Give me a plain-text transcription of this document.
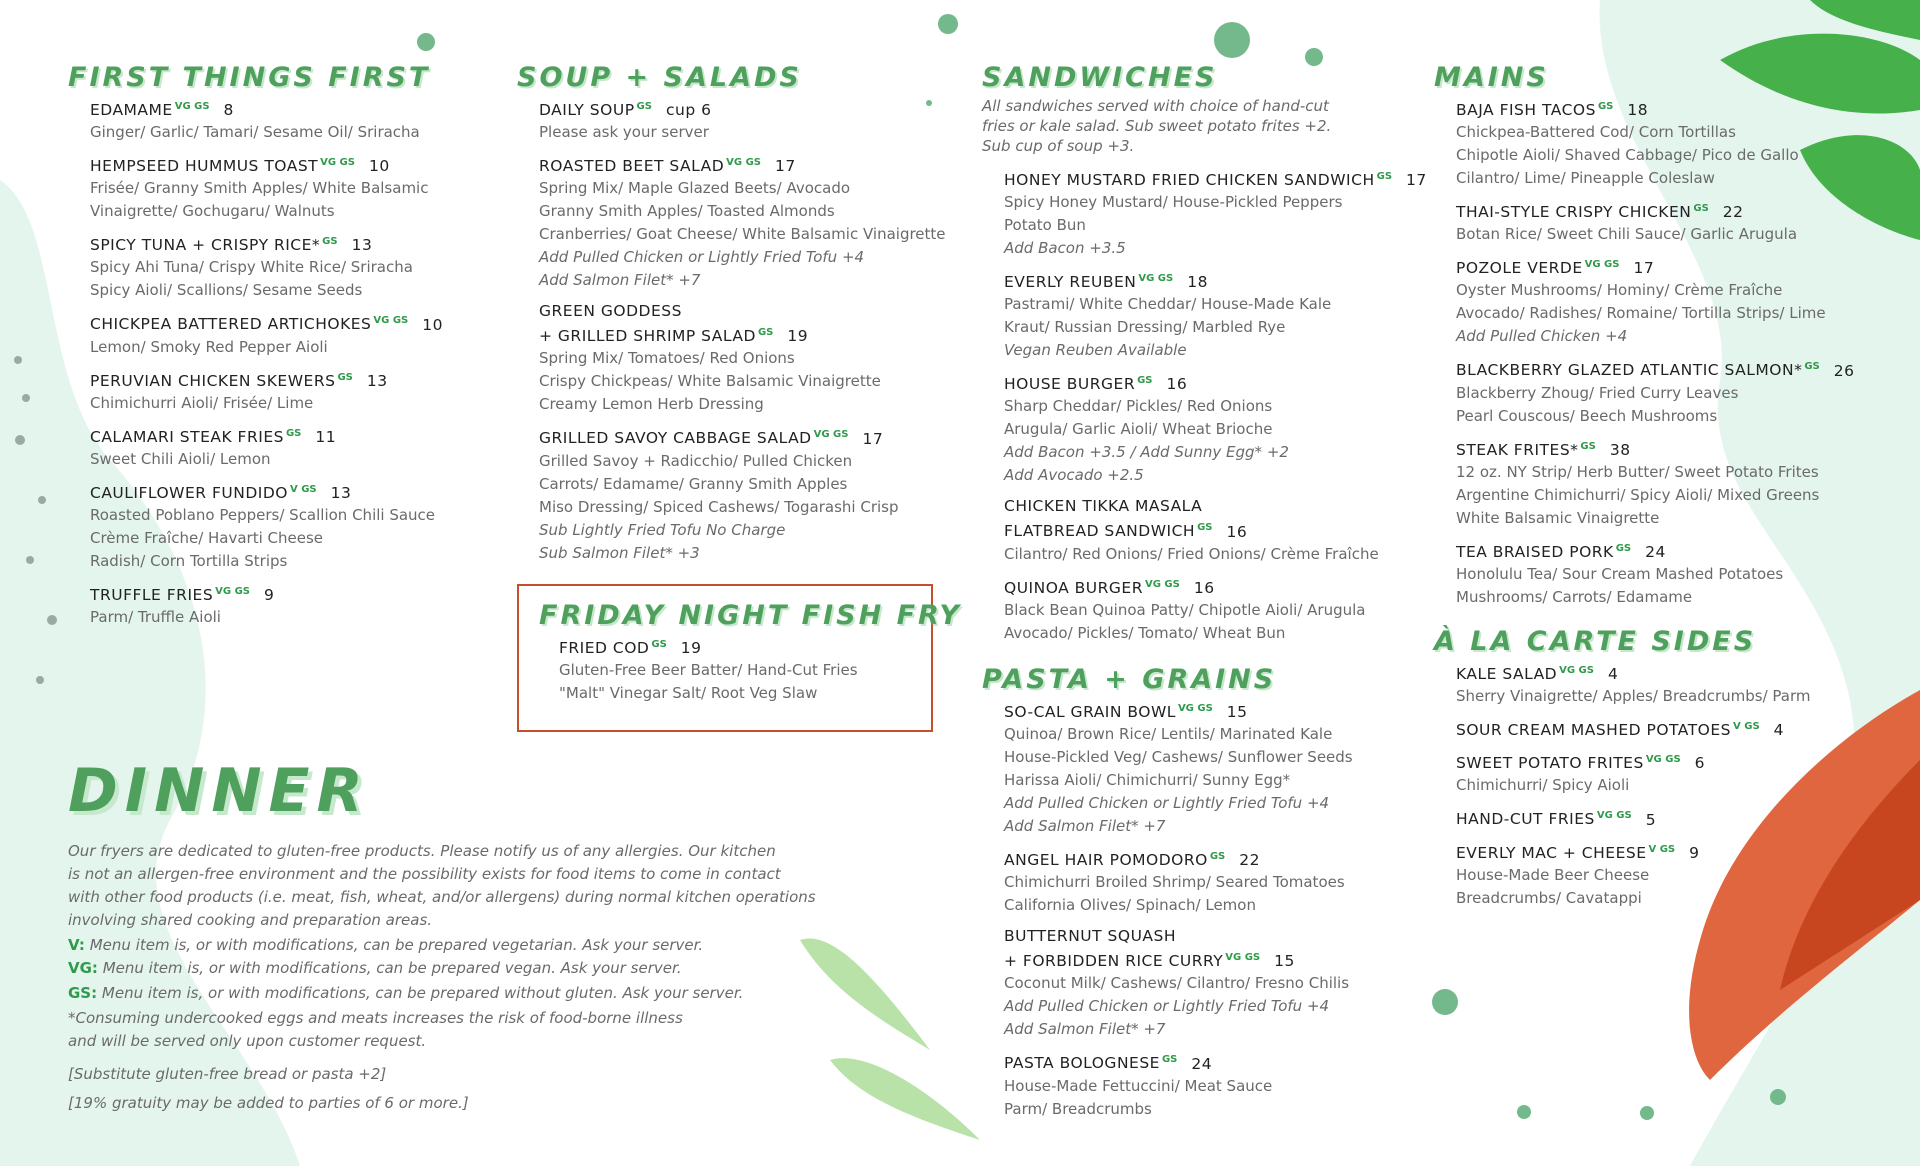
FIRST THINGS FIRST
EDAMAME $^{VG GS}$ 8
Ginger/ Garlic/ Tamari/ Sesame Oil/ Sriracha
HEMPSEED HUMMUS TOAST $^{VG GS}$ 10
Frisée/ Granny Smith Apples/ White Balsamic
Vinaigrette/ Gochugaru/ Walnuts
SPICY TUNA + CRISPY RICE* $^{GS}$ 13
Spicy Ahi Tuna/ Crispy White Rice/ Sriracha
Spicy Aioli/ Scallions/ Sesame Seeds
CHICKPEA BATTERED ARTICHOKES $^{VG GS}$ 10
Lemon/ Smoky Red Pepper Aioli
PERUVIAN CHICKEN SKEWERS $^{GS}$ 13
Chimichurri Aioli/ Frisée/ Lime
CALAMARI STEAK FRIES $^{GS}$ 11
Sweet Chili Aioli/ Lemon
CAULIFLOWER FUNDIDO $^{V GS}$ 13
Roasted Poblano Peppers/ Scallion Chili Sauce
Crème Fraîche/ Havarti Cheese
Radish/ Corn Tortilla Strips
TRUFFLE FRIES $^{VG GS}$ 9
Parm/ Truffle Aioli
SOUP + SALADS
DAILY SOUP $^{GS}$ cup 6
Please ask your server
ROASTED BEET SALAD $^{VG GS}$ 17
Spring Mix/ Maple Glazed Beets/ Avocado
Granny Smith Apples/ Toasted Almonds
Cranberries/ Goat Cheese/ White Balsamic Vinaigrette
Add Pulled Chicken or Lightly Fried Tofu +4
Add Salmon Filet* +7
GREEN GODDESS
+ GRILLED SHRIMP SALAD $^{GS}$ 19
Spring Mix/ Tomatoes/ Red Onions
Crispy Chickpeas/ White Balsamic Vinaigrette
Creamy Lemon Herb Dressing
GRILLED SAVOY CABBAGE SALAD $^{VG GS}$ 17
Grilled Savoy + Radicchio/ Pulled Chicken
Carrots/ Edamame/ Granny Smith Apples
Miso Dressing/ Spiced Cashews/ Togarashi Crisp
Sub Lightly Fried Tofu No Charge
Sub Salmon Filet* +3
FRIDAY NIGHT FISH FRY
FRIED COD $^{GS}$ 19
Gluten-Free Beer Batter/ Hand-Cut Fries
"Malt" Vinegar Salt/ Root Veg Slaw
SANDWICHES
All sandwiches served with choice of hand-cut
fries or kale salad. Sub sweet potato frites +2.
Sub cup of soup +3.
HONEY MUSTARD FRIED CHICKEN SANDWICH $^{GS}$ 17
Spicy Honey Mustard/ House-Pickled Peppers
Potato Bun
Add Bacon +3.5
EVERLY REUBEN $^{VG GS}$ 18
Pastrami/ White Cheddar/ House-Made Kale
Kraut/ Russian Dressing/ Marbled Rye
Vegan Reuben Available
HOUSE BURGER $^{GS}$ 16
Sharp Cheddar/ Pickles/ Red Onions
Arugula/ Garlic Aioli/ Wheat Brioche
Add Bacon +3.5 / Add Sunny Egg* +2
Add Avocado +2.5
CHICKEN TIKKA MASALA
FLATBREAD SANDWICH $^{GS}$ 16
Cilantro/ Red Onions/ Fried Onions/ Crème Fraîche
QUINOA BURGER $^{VG GS}$ 16
Black Bean Quinoa Patty/ Chipotle Aioli/ Arugula
Avocado/ Pickles/ Tomato/ Wheat Bun
PASTA + GRAINS
SO-CAL GRAIN BOWL $^{VG GS}$ 15
Quinoa/ Brown Rice/ Lentils/ Marinated Kale
House-Pickled Veg/ Cashews/ Sunflower Seeds
Harissa Aioli/ Chimichurri/ Sunny Egg*
Add Pulled Chicken or Lightly Fried Tofu +4
Add Salmon Filet* +7
ANGEL HAIR POMODORO $^{GS}$ 22
Chimichurri Broiled Shrimp/ Seared Tomatoes
California Olives/ Spinach/ Lemon
BUTTERNUT SQUASH
+ FORBIDDEN RICE CURRY $^{VG GS}$ 15
Coconut Milk/ Cashews/ Cilantro/ Fresno Chilis
Add Pulled Chicken or Lightly Fried Tofu +4
Add Salmon Filet* +7
PASTA BOLOGNESE $^{GS}$ 24
House-Made Fettuccini/ Meat Sauce
Parm/ Breadcrumbs
MAINS
BAJA FISH TACOS $^{GS}$ 18
Chickpea-Battered Cod/ Corn Tortillas
Chipotle Aioli/ Shaved Cabbage/ Pico de Gallo
Cilantro/ Lime/ Pineapple Coleslaw
THAI-STYLE CRISPY CHICKEN $^{GS}$ 22
Botan Rice/ Sweet Chili Sauce/ Garlic Arugula
POZOLE VERDE $^{VG GS}$ 17
Oyster Mushrooms/ Hominy/ Crème Fraîche
Avocado/ Radishes/ Romaine/ Tortilla Strips/ Lime
Add Pulled Chicken +4
BLACKBERRY GLAZED ATLANTIC SALMON* $^{GS}$ 26
Blackberry Zhoug/ Fried Curry Leaves
Pearl Couscous/ Beech Mushrooms
STEAK FRITES* $^{GS}$ 38
12 oz. NY Strip/ Herb Butter/ Sweet Potato Frites
Argentine Chimichurri/ Spicy Aioli/ Mixed Greens
White Balsamic Vinaigrette
TEA BRAISED PORK $^{GS}$ 24
Honolulu Tea/ Sour Cream Mashed Potatoes
Mushrooms/ Carrots/ Edamame
À LA CARTE SIDES
KALE SALAD $^{VG GS}$ 4
Sherry Vinaigrette/ Apples/ Breadcrumbs/ Parm
SOUR CREAM MASHED POTATOES $^{V GS}$ 4
SWEET POTATO FRITES $^{VG GS}$ 6
Chimichurri/ Spicy Aioli
HAND-CUT FRIES $^{VG GS}$ 5
EVERLY MAC + CHEESE $^{V GS}$ 9
House-Made Beer Cheese
Breadcrumbs/ Cavatappi
DINNER

Our fryers are dedicated to gluten-free products. Please notify us of any allergies. Our kitchen

is not an allergen-free environment and the possibility exists for food items to come in contact

with other food products (i.e. meat, fish, wheat, and/or allergens) during normal kitchen operations

involving shared cooking and preparation areas.

V: Menu item is, or with modifications, can be prepared vegetarian. Ask your server.

VG: Menu item is, or with modifications, can be prepared vegan. Ask your server.

GS: Menu item is, or with modifications, can be prepared without gluten. Ask your server.

*Consuming undercooked eggs and meats increases the risk of food-borne illness

and will be served only upon customer request.

[Substitute gluten-free bread or pasta +2]

[19% gratuity may be added to parties of 6 or more.]
